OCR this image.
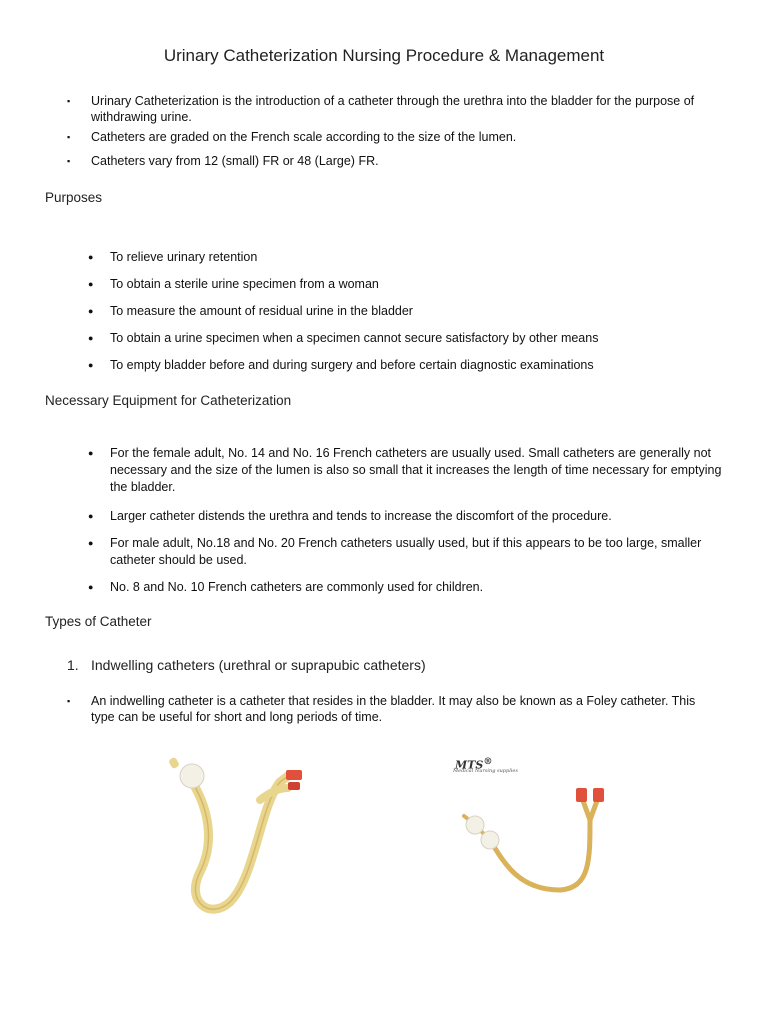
Urinary Catheterization Nursing Procedure & Management
▪ Urinary Catheterization is the introduction of a catheter through the urethra into the bladder for the purpose of withdrawing urine.
▪ Catheters are graded on the French scale according to the size of the lumen.
▪ Catheters vary from 12 (small) FR or 48 (Large) FR.
Purposes
● To relieve urinary retention
● To obtain a sterile urine specimen from a woman
● To measure the amount of residual urine in the bladder
● To obtain a urine specimen when a specimen cannot secure satisfactory by other means
● To empty bladder before and during surgery and before certain diagnostic examinations
Necessary Equipment for Catheterization
● For the female adult, No. 14 and No. 16 French catheters are usually used. Small catheters are generally not necessary and the size of the lumen is also so small that it increases the length of time necessary for emptying the bladder.
● Larger catheter distends the urethra and tends to increase the discomfort of the procedure.
● For male adult, No.18 and No. 20 French catheters usually used, but if this appears to be too large, smaller catheter should be used.
● No. 8 and No. 10 French catheters are commonly used for children.
Types of Catheter
1. Indwelling catheters (urethral or suprapubic catheters)
▪ An indwelling catheter is a catheter that resides in the bladder. It may also be known as a Foley catheter. This type can be useful for short and long periods of time.
MTS®
Medical Nursing supplies
